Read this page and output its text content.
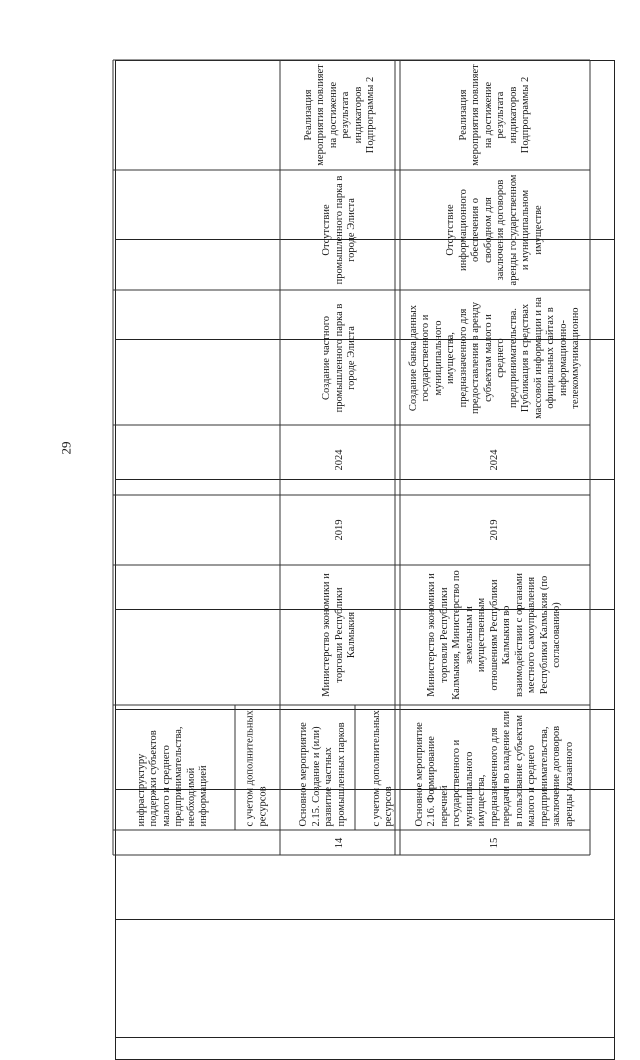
29
инфраструктуру поддержки субъектов малого и среднего предпринимательства, необходимой информацией	с учетом дополнительных ресурсов
14
Основное мероприятие 2.15. Создание и (или) развитие частных промышленных парков	с учетом дополнительных ресурсов
Министерство экономики и торговли Республики Калмыкия
2019
2024
Создание частного промышленного парка в городе Элиста
Отсутствие промышленного парка в городе Элиста
Реализация мероприятия повлияет на достижение результата индикаторов Подпрограммы 2
15
Основное мероприятие 2.16. Формирование перечней государственного и муниципального имущества, предназначенного для передачи во владение или в пользование субъектам малого и среднего предпринимательства, заключение договоров аренды указанного
Министерство экономики и торговли Республики Калмыкия, Министерство по земельным и имущественным отношениям Республики Калмыкия во взаимодействии с органами местного самоуправления Республики Калмыкия (по согласованию)
2019
2024
Создание банка данных государственного и муниципального имущества, предназначенного для предоставления в аренду субъектам малого и среднего предпринимательства. Публикация в средствах массовой информации и на официальных сайтах в информационно-телекоммуникационно
Отсутствие информационного обеспечения о свободном для заключения договоров аренды государственном и муниципальном имуществе
Реализация мероприятия повлияет на достижение результата индикаторов Подпрограммы 2
